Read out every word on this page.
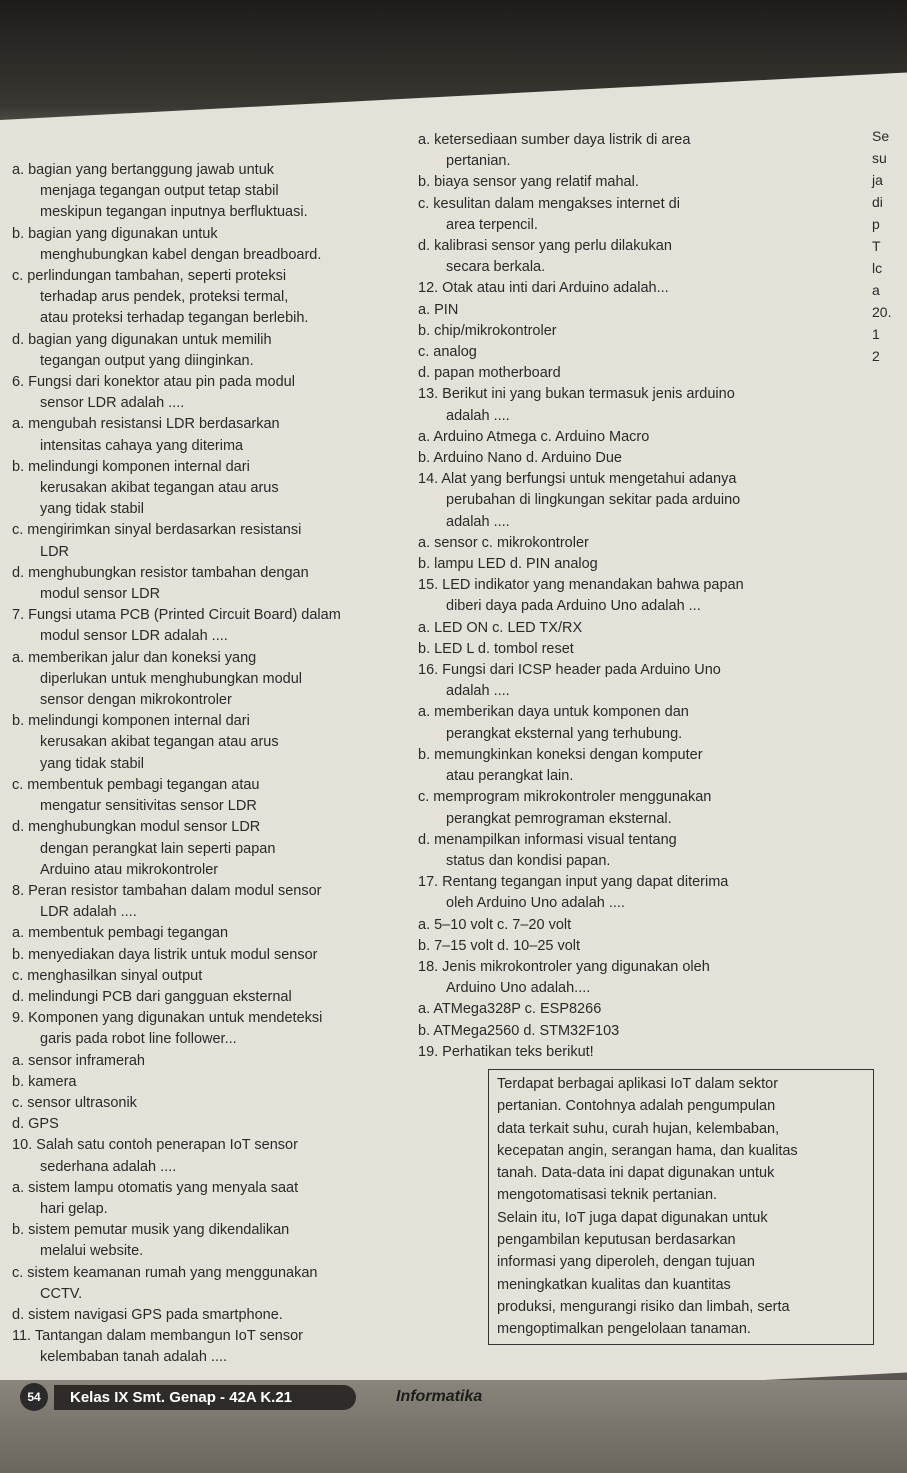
a. bagian yang bertanggung jawab untuk
menjaga tegangan output tetap stabil
meskipun tegangan inputnya berfluktuasi.
b. bagian yang digunakan untuk
menghubungkan kabel dengan breadboard.
c. perlindungan tambahan, seperti proteksi
terhadap arus pendek, proteksi termal,
atau proteksi terhadap tegangan berlebih.
d. bagian yang digunakan untuk memilih
tegangan output yang diinginkan.
6. Fungsi dari konektor atau pin pada modul
sensor LDR adalah ....
a. mengubah resistansi LDR berdasarkan
intensitas cahaya yang diterima
b. melindungi komponen internal dari
kerusakan akibat tegangan atau arus
yang tidak stabil
c. mengirimkan sinyal berdasarkan resistansi
LDR
d. menghubungkan resistor tambahan dengan
modul sensor LDR
7. Fungsi utama PCB (Printed Circuit Board) dalam
modul sensor LDR adalah ....
a. memberikan jalur dan koneksi yang
diperlukan untuk menghubungkan modul
sensor dengan mikrokontroler
b. melindungi komponen internal dari
kerusakan akibat tegangan atau arus
yang tidak stabil
c. membentuk pembagi tegangan atau
mengatur sensitivitas sensor LDR
d. menghubungkan modul sensor LDR
dengan perangkat lain seperti papan
Arduino atau mikrokontroler
8. Peran resistor tambahan dalam modul sensor
LDR adalah ....
a. membentuk pembagi tegangan
b. menyediakan daya listrik untuk modul sensor
c. menghasilkan sinyal output
d. melindungi PCB dari gangguan eksternal
9. Komponen yang digunakan untuk mendeteksi
garis pada robot line follower...
a. sensor inframerah
b. kamera
c. sensor ultrasonik
d. GPS
10. Salah satu contoh penerapan IoT sensor
sederhana adalah ....
a. sistem lampu otomatis yang menyala saat
hari gelap.
b. sistem pemutar musik yang dikendalikan
melalui website.
c. sistem keamanan rumah yang menggunakan
CCTV.
d. sistem navigasi GPS pada smartphone.
11. Tantangan dalam membangun IoT sensor
kelembaban tanah adalah ....
a. ketersediaan sumber daya listrik di area
pertanian.
b. biaya sensor yang relatif mahal.
c. kesulitan dalam mengakses internet di
area terpencil.
d. kalibrasi sensor yang perlu dilakukan
secara berkala.
12. Otak atau inti dari Arduino adalah...
a. PIN
b. chip/mikrokontroler
c. analog
d. papan motherboard
13. Berikut ini yang bukan termasuk jenis arduino
adalah ....
a. Arduino Atmega c. Arduino Macro
b. Arduino Nano d. Arduino Due
14. Alat yang berfungsi untuk mengetahui adanya
perubahan di lingkungan sekitar pada arduino
adalah ....
a. sensor c. mikrokontroler
b. lampu LED d. PIN analog
15. LED indikator yang menandakan bahwa papan
diberi daya pada Arduino Uno adalah ...
a. LED ON c. LED TX/RX
b. LED L d. tombol reset
16. Fungsi dari ICSP header pada Arduino Uno
adalah ....
a. memberikan daya untuk komponen dan
perangkat eksternal yang terhubung.
b. memungkinkan koneksi dengan komputer
atau perangkat lain.
c. memprogram mikrokontroler menggunakan
perangkat pemrograman eksternal.
d. menampilkan informasi visual tentang
status dan kondisi papan.
17. Rentang tegangan input yang dapat diterima
oleh Arduino Uno adalah ....
a. 5–10 volt c. 7–20 volt
b. 7–15 volt d. 10–25 volt
18. Jenis mikrokontroler yang digunakan oleh
Arduino Uno adalah....
a. ATMega328P c. ESP8266
b. ATMega2560 d. STM32F103
19. Perhatikan teks berikut!
Terdapat berbagai aplikasi IoT dalam sektor
pertanian. Contohnya adalah pengumpulan
data terkait suhu, curah hujan, kelembaban,
kecepatan angin, serangan hama, dan kualitas
tanah. Data-data ini dapat digunakan untuk
mengotomatisasi teknik pertanian.
Selain itu, IoT juga dapat digunakan untuk
pengambilan keputusan berdasarkan
informasi yang diperoleh, dengan tujuan
meningkatkan kualitas dan kuantitas
produksi, mengurangi risiko dan limbah, serta
mengoptimalkan pengelolaan tanaman.
Se
su
ja
di
p
T
lc
a
20.
1
2
54	Kelas IX Smt. Genap - 42A K.21	Informatika
